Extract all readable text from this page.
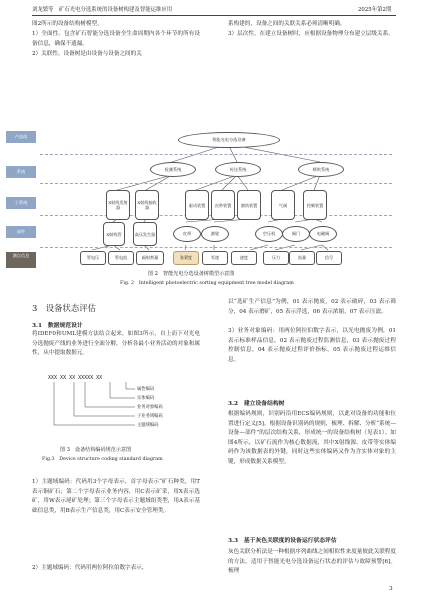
刘龙繁等　矿石光电分选系统的设备树构建及智能运维应用	2025年第2期

图2所示的设备结构树模型。

1）全面性。包含矿石智能分选设备全生命周期内各个环节的所有设备信息，确保不遗漏。

2）关联性。设备树是由设备与设备之间的关

系构建的，设备之间的关联关系必须清晰明确。

3）层次性。在建立设备树时，应根据设备物理分布建立层级关系。

产品线
系统
子系统
部件
测点信息
智能光电分选设备
检测系统	传送系统	喷吹系统
X射线发射器
X射线接收器	驱动装置	皮带装置	滚筒装置	气阀	控制装置
X射线管	高压发生器	皮带	滚轮	空压机	阀门	电磁阀
管电压	管电流	辐射剂量	张紧度	零速	速度	压力	流量	信号
图 2　智能光电分选设备树模型示意图
Fig. 2　Intelligent photoelectric sorting equipment tree model diagram
3　设备状态评估
3.1　数据规范设计

将IDEF0和UML建模方法结合起来，如图3所示，自上而下对光电分选抛废产线的业务进行全面分解，分析各最小业务活动的对象和属性，从中提取数据元。

XXX XX XX XXXXX XX
属性编码
实体编码
业务对象编码
子业务域编码
主题域编码
图 3　设备结构编码规范示意图
Fig.3　Device structure coding standard diagram

1）主题域编码：代码用3个字母表示，首字母表示“矿石种类，用T表示铜矿石；第二个字母表示业务内容，用C表示矿采，用X表示选矿，用W表示尾矿处理；第三个字母表示主题域组类型，用A表示基础信息类，用B表示生产信息类，用C表示安全管理类。

2）主题域编码：代码用两位阿拉伯数字表示，

以“选矿生产信息”为例，01 表示抛废，02 表示破碎，03 表示筛分，04 表示磨矿，05 表示浮选，06 表示浓缩，07 表示压滤。

3）业务对象编码：用两位阿拉伯数字表示，以光电抛废为例，01 表示标准样品信息，02 表示抛废过程监测信息，03 表示抛废过程控制信息，04 表示抛废过程评价指标，05 表示抛废过程运维信息。

3.2　建立设备结构树

根据编码规则，识别码沿用ECS编码规则，以此对设备的功能和位置进行定义[5]。根据设备识别码的规则，梳理、拆解、分析“系统—设备—部件”的层次结构关系，形成统一的设备结构树（见表1）。如图4所示，以矿石流作为核心数据流，其中X射线源、皮带等实体编码作为该数据表的外键，同时这些实体编码又作为含实体对象的主键，形成数据关系模型。

3.3　基于灰色关联度的设备运行状态评估

灰色关联分析法是一种根据序列曲线之间相似性来度量彼此关联程度的方法，适用于智能光电分选设备运行状态的评估与故障预警[6]。梳理

3
